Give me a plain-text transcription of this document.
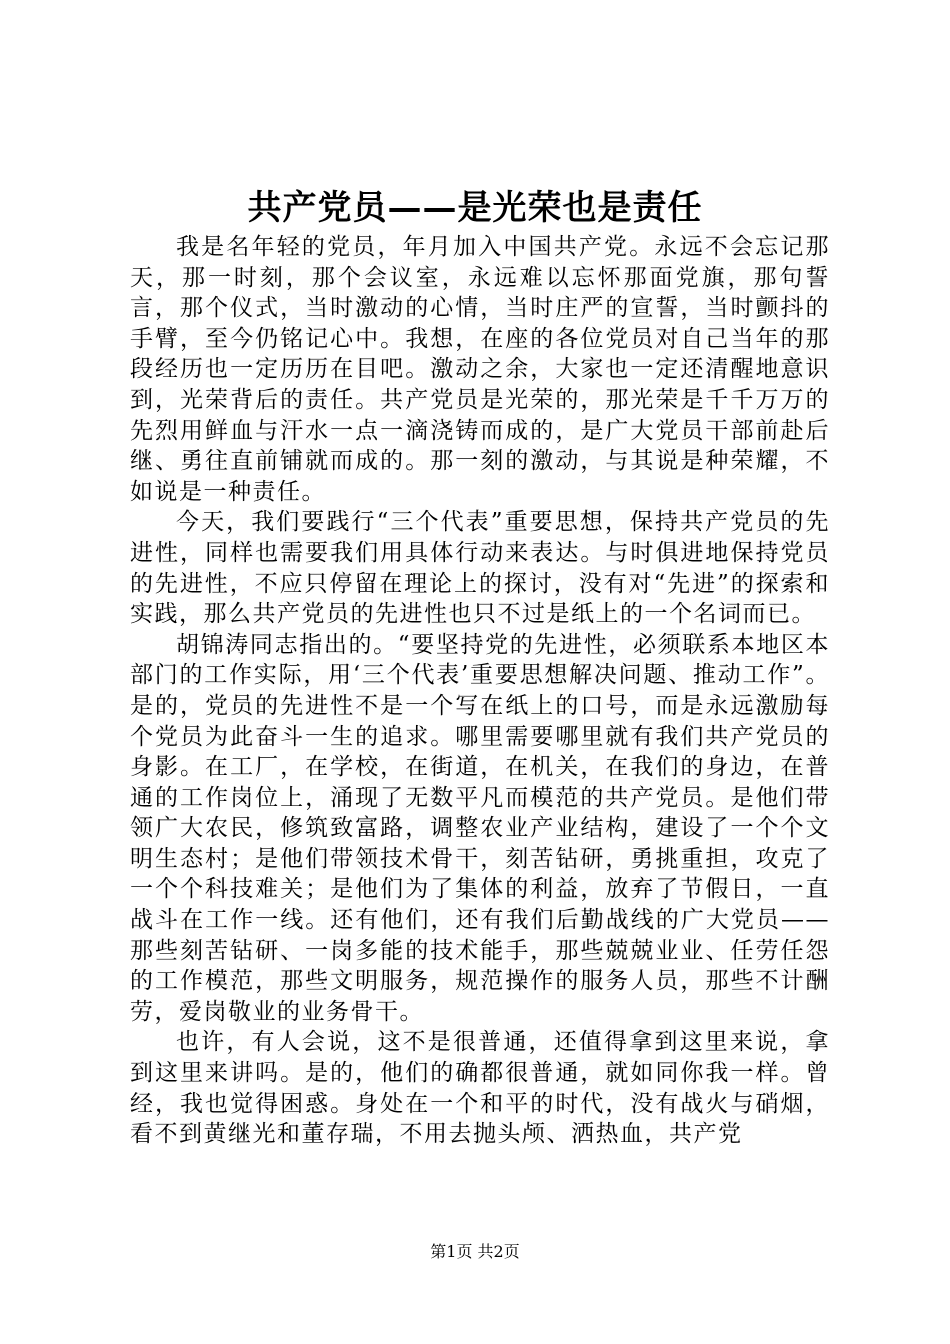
共产党员——是光荣也是责任

我是名年轻的党员，年月加入中国共产党。永远不会忘记那天，那一时刻，那个会议室，永远难以忘怀那面党旗，那句誓言，那个仪式，当时激动的心情，当时庄严的宣誓，当时颤抖的手臂，至今仍铭记心中。我想，在座的各位党员对自己当年的那段经历也一定历历在目吧。激动之余，大家也一定还清醒地意识到，光荣背后的责任。共产党员是光荣的，那光荣是千千万万的先烈用鲜血与汗水一点一滴浇铸而成的，是广大党员干部前赴后继、勇往直前铺就而成的。那一刻的激动，与其说是种荣耀，不如说是一种责任。

今天，我们要践行“三个代表”重要思想，保持共产党员的先进性，同样也需要我们用具体行动来表达。与时俱进地保持党员的先进性，不应只停留在理论上的探讨，没有对“先进”的探索和实践，那么共产党员的先进性也只不过是纸上的一个名词而已。

胡锦涛同志指出的。“要坚持党的先进性，必须联系本地区本部门的工作实际，用‘三个代表’重要思想解决问题、推动工作”。是的，党员的先进性不是一个写在纸上的口号，而是永远激励每个党员为此奋斗一生的追求。哪里需要哪里就有我们共产党员的身影。在工厂，在学校，在街道，在机关，在我们的身边，在普通的工作岗位上，涌现了无数平凡而模范的共产党员。是他们带领广大农民，修筑致富路，调整农业产业结构，建设了一个个文明生态村；是他们带领技术骨干，刻苦钻研，勇挑重担，攻克了一个个科技难关；是他们为了集体的利益，放弃了节假日，一直战斗在工作一线。还有他们，还有我们后勤战线的广大党员——那些刻苦钻研、一岗多能的技术能手，那些兢兢业业、任劳任怨的工作模范，那些文明服务，规范操作的服务人员，那些不计酬劳，爱岗敬业的业务骨干。

也许，有人会说，这不是很普通，还值得拿到这里来说，拿到这里来讲吗。是的，他们的确都很普通，就如同你我一样。曾经，我也觉得困惑。身处在一个和平的时代，没有战火与硝烟，看不到黄继光和董存瑞，不用去抛头颅、洒热血，共产党

第1页 共2页
